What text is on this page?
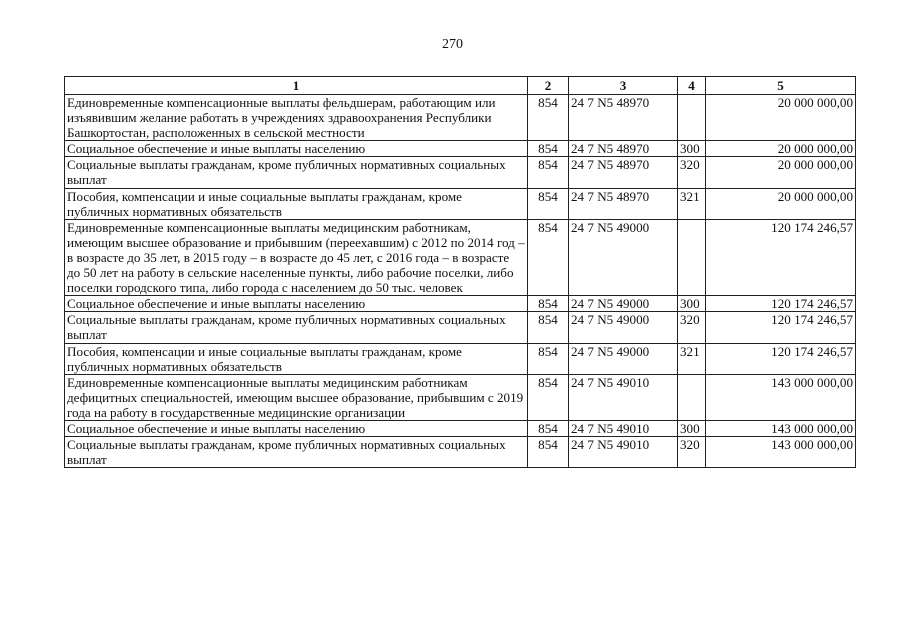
270
1	2	3	4	5
Единовременные компенсационные выплаты фельдшерам, работающим или изъявившим желание работать в учреждениях здравоохранения Республики Башкортостан, расположенных в сельской местности	854	24 7 N5 48970		20 000 000,00
Социальное обеспечение и иные выплаты населению	854	24 7 N5 48970	300	20 000 000,00
Социальные выплаты гражданам, кроме публичных нормативных социальных выплат	854	24 7 N5 48970	320	20 000 000,00
Пособия, компенсации и иные социальные выплаты гражданам, кроме публичных нормативных обязательств	854	24 7 N5 48970	321	20 000 000,00
Единовременные компенсационные выплаты медицинским работникам, имеющим высшее образование и прибывшим (переехавшим) с 2012 по 2014 год – в возрасте до 35 лет, в 2015 году – в возрасте до 45 лет, с 2016 года – в возрасте до 50 лет на работу в сельские населенные пункты, либо рабочие поселки, либо поселки городского типа, либо города с населением до 50 тыс. человек	854	24 7 N5 49000		120 174 246,57
Социальное обеспечение и иные выплаты населению	854	24 7 N5 49000	300	120 174 246,57
Социальные выплаты гражданам, кроме публичных нормативных социальных выплат	854	24 7 N5 49000	320	120 174 246,57
Пособия, компенсации и иные социальные выплаты гражданам, кроме публичных нормативных обязательств	854	24 7 N5 49000	321	120 174 246,57
Единовременные компенсационные выплаты медицинским работникам дефицитных специальностей, имеющим высшее образование, прибывшим с 2019 года на работу в государственные медицинские организации	854	24 7 N5 49010		143 000 000,00
Социальное обеспечение и иные выплаты населению	854	24 7 N5 49010	300	143 000 000,00
Социальные выплаты гражданам, кроме публичных нормативных социальных выплат	854	24 7 N5 49010	320	143 000 000,00
